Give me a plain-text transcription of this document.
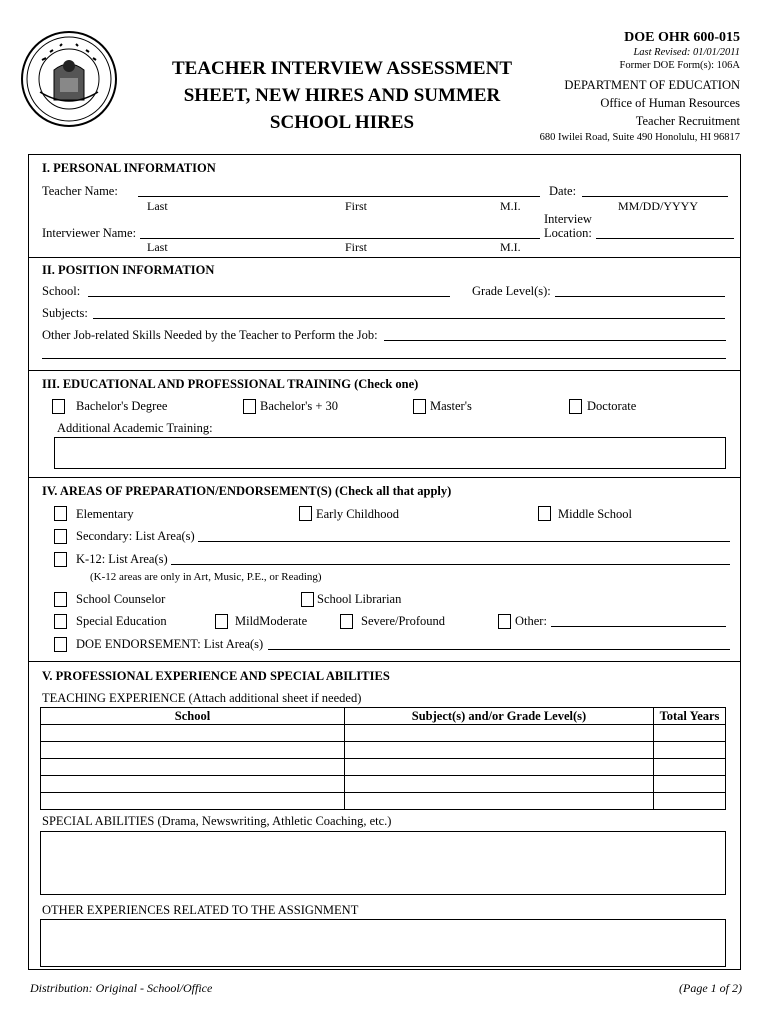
DOE OHR 600-015
Last Revised: 01/01/2011
Former DOE Form(s): 106A
TEACHER INTERVIEW ASSESSMENT
SHEET, NEW HIRES AND SUMMER
SCHOOL HIRES
DEPARTMENT OF EDUCATION
Office of Human Resources
Teacher Recruitment
680 Iwilei Road, Suite 490 Honolulu, HI 96817
I. PERSONAL INFORMATION
Teacher Name:
Last	First	M.I.
Date:
MM/DD/YYYY
Interview
Interviewer Name:	Location:
Last	First	M.I.
II. POSITION INFORMATION
School:	Grade Level(s):
Subjects:
Other Job-related Skills Needed by the Teacher to Perform the Job:
III. EDUCATIONAL AND PROFESSIONAL TRAINING (Check one)
Bachelor's Degree	Bachelor's + 30	Master's	Doctorate
Additional Academic Training:
IV. AREAS OF PREPARATION/ENDORSEMENT(S) (Check all that apply)
Elementary	Early Childhood	Middle School
Secondary: List Area(s)
K-12: List Area(s)
(K-12 areas are only in Art, Music, P.E., or Reading)
School Counselor	School Librarian
Special Education	MildModerate	Severe/Profound	Other:
DOE ENDORSEMENT: List Area(s)
V. PROFESSIONAL EXPERIENCE AND SPECIAL ABILITIES
TEACHING EXPERIENCE (Attach additional sheet if needed)
School	Subject(s) and/or Grade Level(s)	Total Years

SPECIAL ABILITIES (Drama, Newswriting, Athletic Coaching, etc.)
OTHER EXPERIENCES RELATED TO THE ASSIGNMENT
Distribution: Original - School/Office	(Page 1 of 2)
